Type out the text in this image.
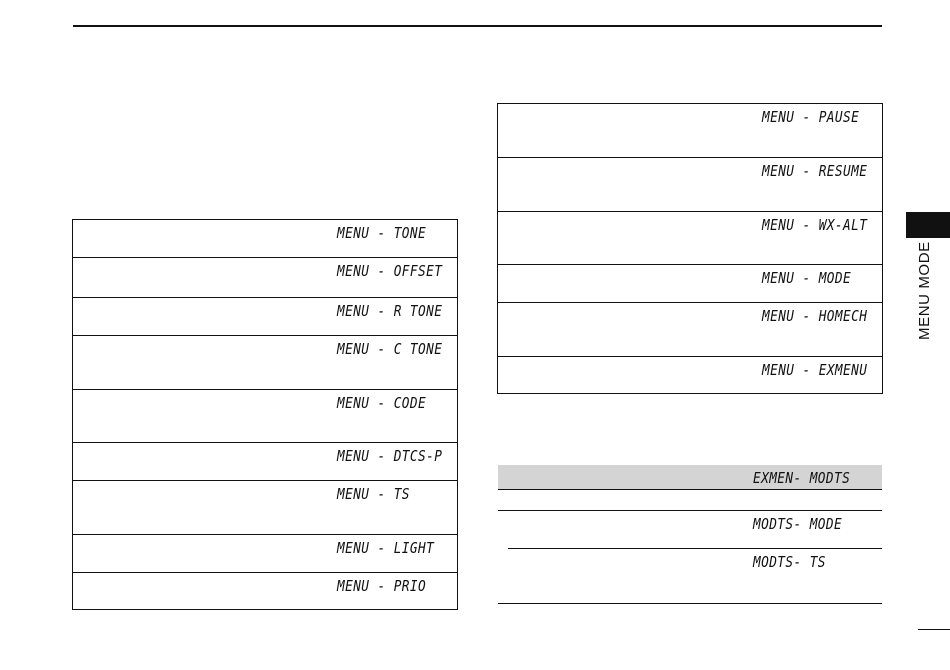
MENU - TONE
MENU - OFFSET
MENU - R TONE
MENU - C TONE
MENU - CODE
MENU - DTCS-P
MENU - TS
MENU - LIGHT
MENU - PRIO
MENU - PAUSE
MENU - RESUME
MENU - WX-ALT
MENU - MODE
MENU - HOMECH
MENU - EXMENU
EXMEN- MODTS
MODTS- MODE
MODTS- TS
MENU MODE
